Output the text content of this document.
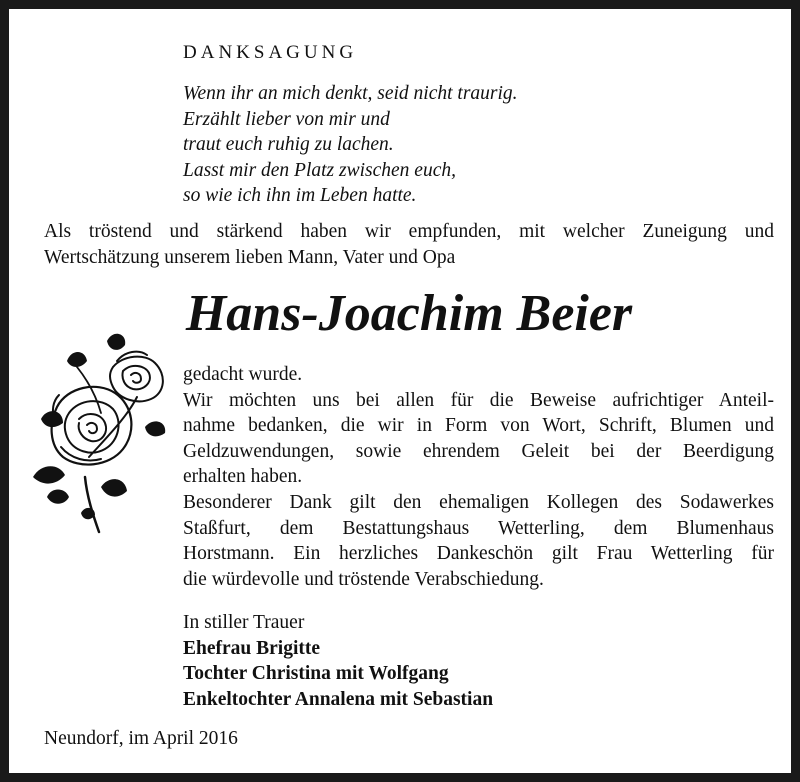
DANKSAGUNG
Wenn ihr an mich denkt, seid nicht traurig.
Erzählt lieber von mir und
traut euch ruhig zu lachen.
Lasst mir den Platz zwischen euch,
so wie ich ihn im Leben hatte.
Als tröstend und stärkend haben wir empfunden, mit welcher Zuneigung und
Wertschätzung unserem lieben Mann, Vater und Opa
Hans-Joachim Beier
gedacht wurde.
Wir möchten uns bei allen für die Beweise aufrichtiger Anteil-
nahme bedanken, die wir in Form von Wort, Schrift, Blumen und
Geldzuwendungen, sowie ehrendem Geleit bei der Beerdigung
erhalten haben.
Besonderer Dank gilt den ehemaligen Kollegen des Sodawerkes
Staßfurt, dem Bestattungshaus Wetterling, dem Blumenhaus
Horstmann. Ein herzliches Dankeschön gilt Frau Wetterling für
die würdevolle und tröstende Verabschiedung.
In stiller Trauer
Ehefrau Brigitte
Tochter Christina mit Wolfgang
Enkeltochter Annalena mit Sebastian
Neundorf, im April 2016
